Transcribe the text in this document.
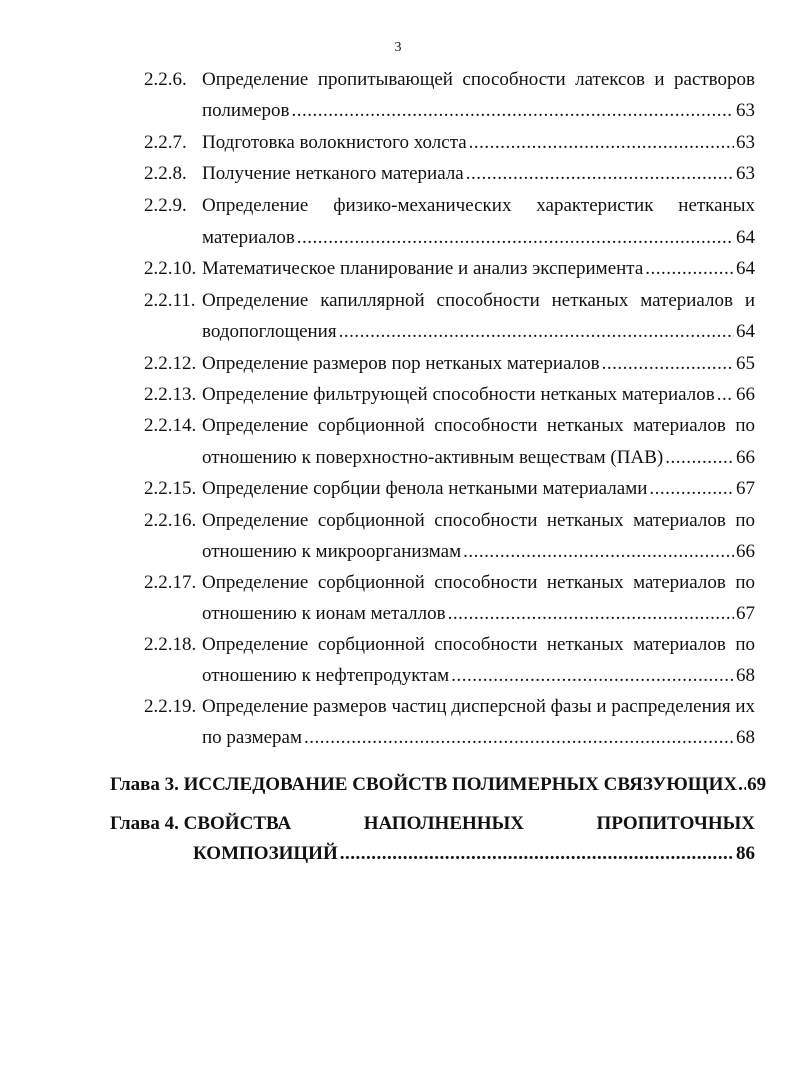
3
2.2.6. Определение пропитывающей способности латексов и растворов
полимеров .....	63
2.2.7. Подготовка волокнистого холста .....	63
2.2.8. Получение нетканого материала .....	63
2.2.9. Определение физико-механических характеристик нетканых
материалов .....	64
2.2.10. Математическое планирование и анализ эксперимента .....	64
2.2.11. Определение капиллярной способности нетканых материалов и
водопоглощения .....	64
2.2.12. Определение размеров пор нетканых материалов .....	65
2.2.13. Определение фильтрующей способности нетканых материалов ..... 66
2.2.14. Определение сорбционной способности нетканых материалов по
отношению к поверхностно-активным веществам (ПАВ) .....	66
2.2.15. Определение сорбции фенола неткаными материалами .....	67
2.2.16. Определение сорбционной способности нетканых материалов по
отношению к микроорганизмам .....	66
2.2.17. Определение сорбционной способности нетканых материалов по
отношению к ионам металлов .....	67
2.2.18. Определение сорбционной способности нетканых материалов по
отношению к нефтепродуктам .....	68
2.2.19. Определение размеров частиц дисперсной фазы и распределения их
по размерам .....	68
Глава 3. ИССЛЕДОВАНИЕ СВОЙСТВ ПОЛИМЕРНЫХ СВЯЗУЮЩИХ ..... 69
Глава 4. СВОЙСТВА	НАПОЛНЕННЫХ	ПРОПИТОЧНЫХ
КОМПОЗИЦИЙ .....	86
